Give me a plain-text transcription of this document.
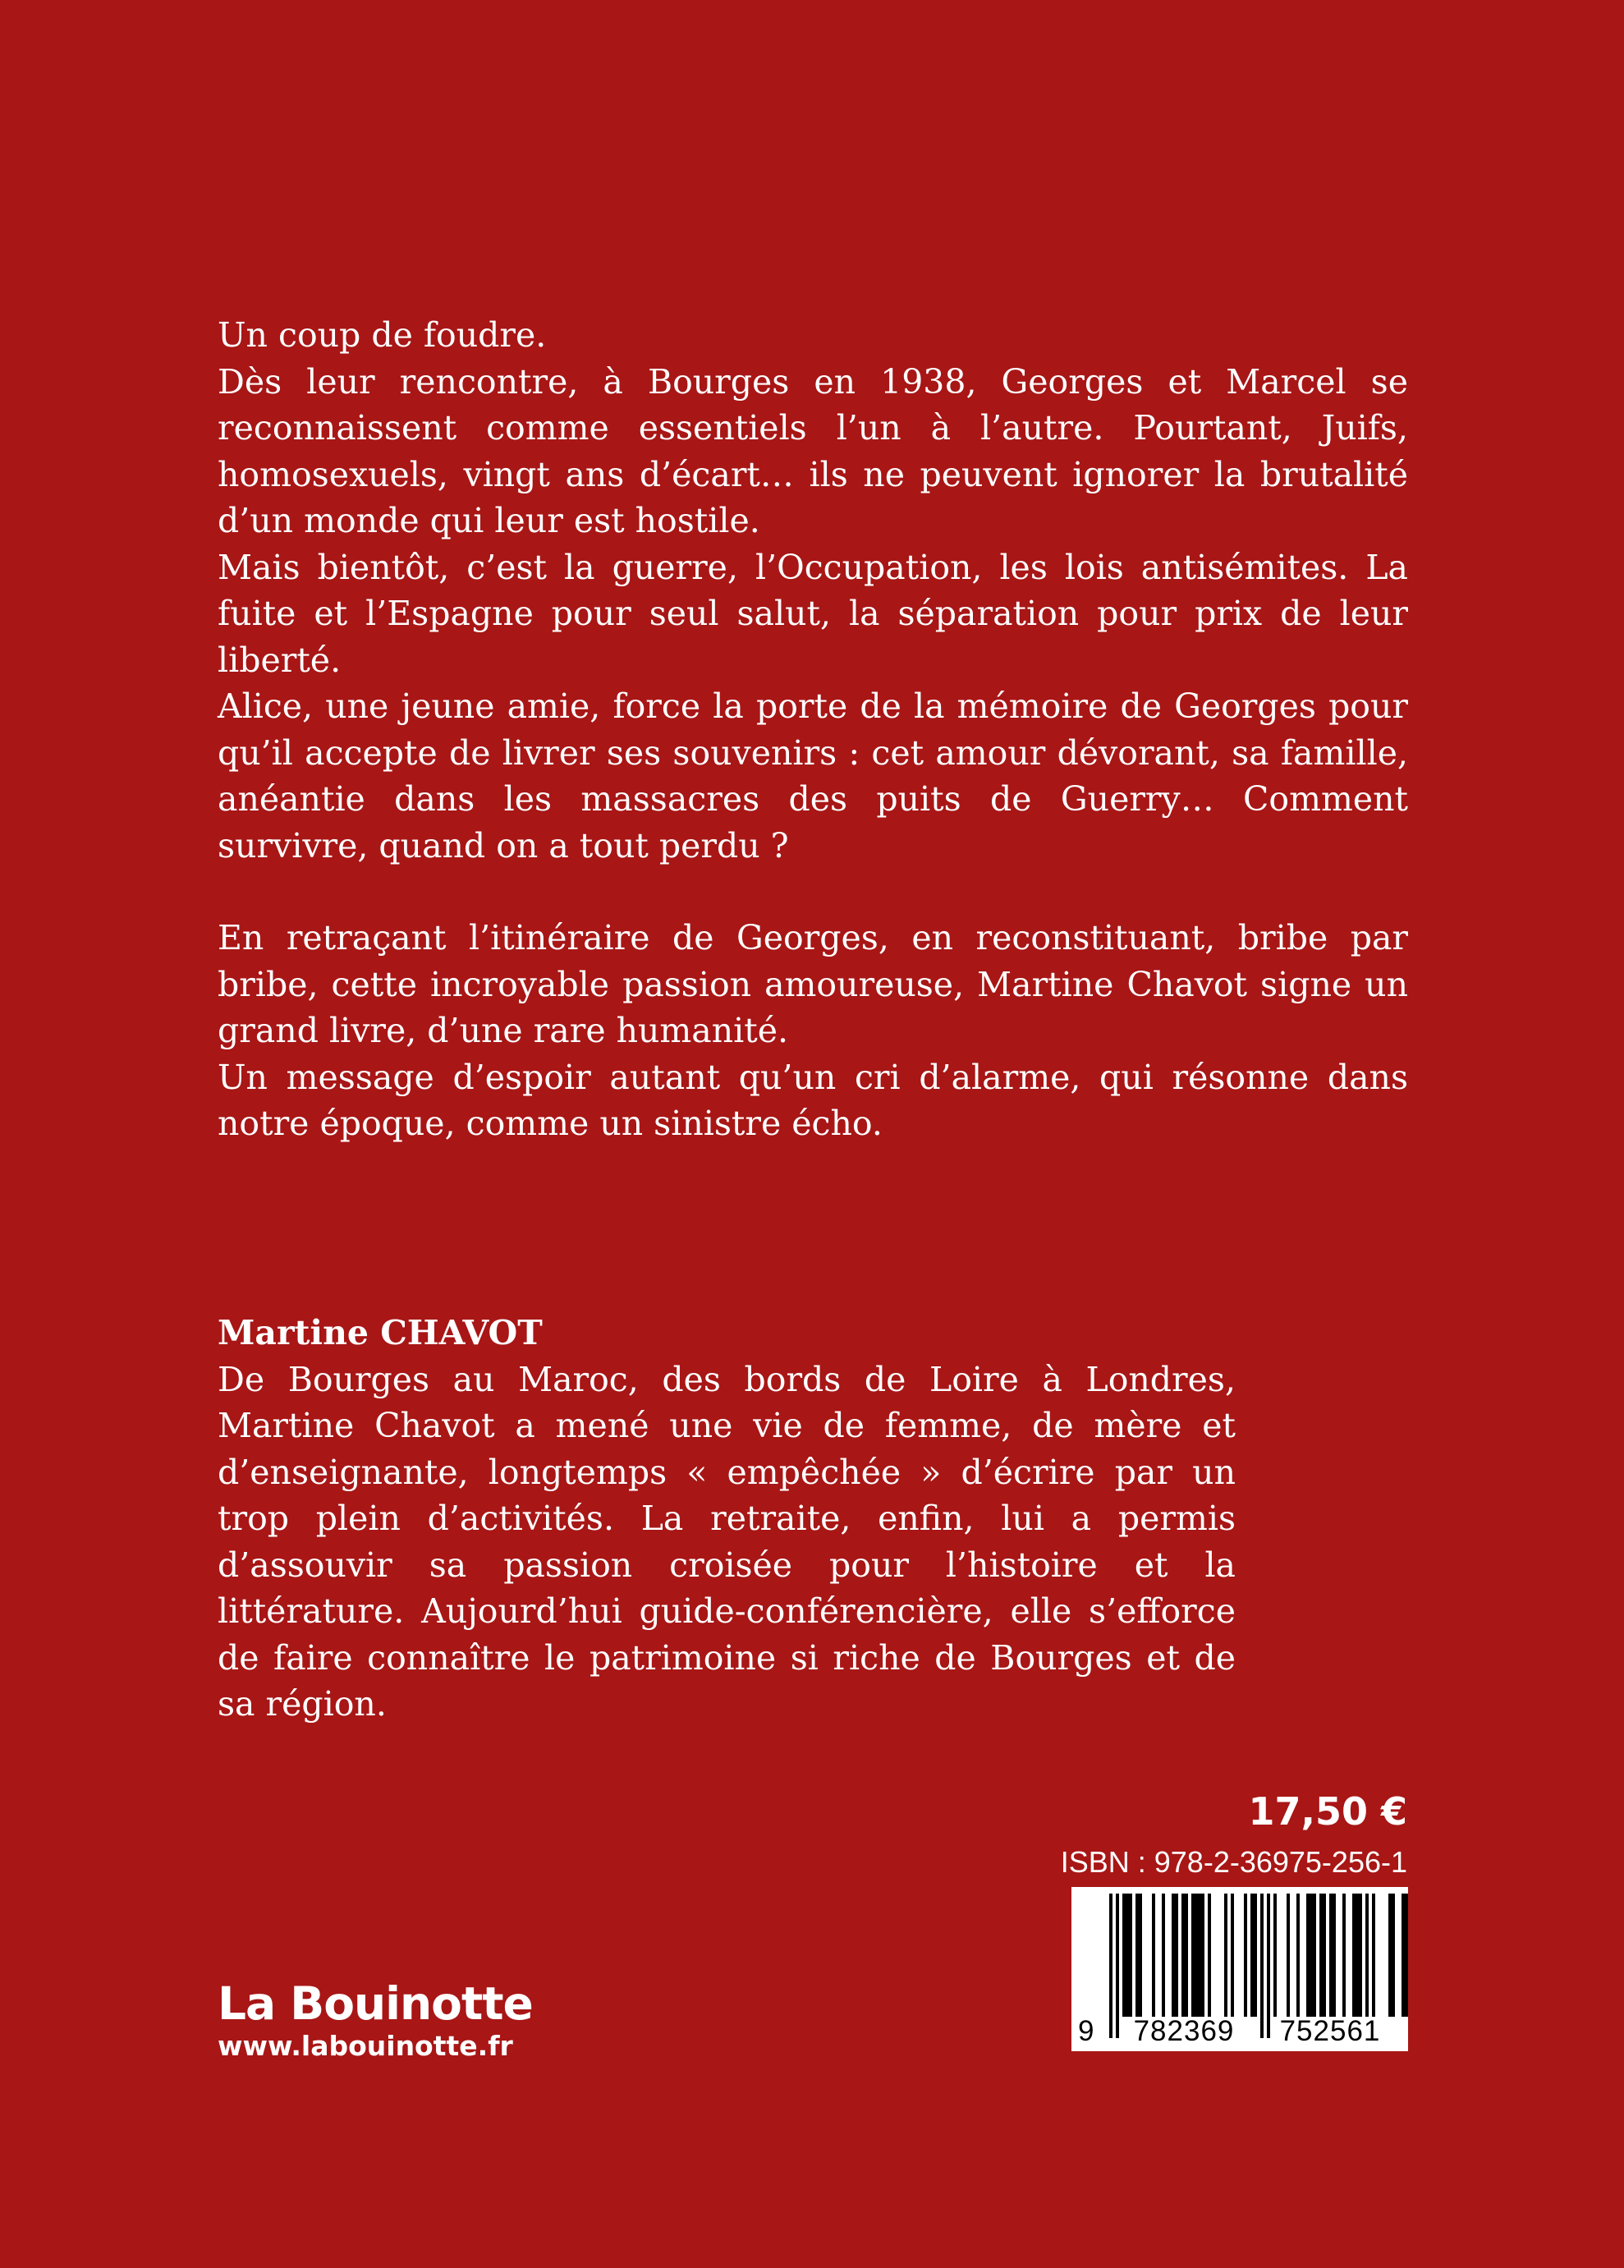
Un coup de foudre.

Dès leur rencontre, à Bourges en 1938, Georges et Marcel se reconnaissent comme essentiels l’un à l’autre. Pourtant, Juifs, homosexuels, vingt ans d’écart… ils ne peuvent ignorer la brutalité d’un monde qui leur est hostile.

Mais bientôt, c’est la guerre, l’Occupation, les lois antisémites. La fuite et l’Espagne pour seul salut, la séparation pour prix de leur liberté.

Alice, une jeune amie, force la porte de la mémoire de Georges pour qu’il accepte de livrer ses souvenirs : cet amour dévorant, sa famille, anéantie dans les massacres des puits de Guerry… Comment survivre, quand on a tout perdu ?

En retraçant l’itinéraire de Georges, en reconstituant, bribe par bribe, cette incroyable passion amoureuse, Martine Chavot signe un grand livre, d’une rare humanité.

Un message d’espoir autant qu’un cri d’alarme, qui résonne dans notre époque, comme un sinistre écho.

Martine CHAVOT

De Bourges au Maroc, des bords de Loire à Londres, Martine Chavot a mené une vie de femme, de mère et d’enseignante, longtemps « empêchée » d’écrire par un trop plein d’activités. La retraite, enfin, lui a permis d’assouvir sa passion croisée pour l’histoire et la littérature. Aujourd’hui guide-conférencière, elle s’efforce de faire connaître le patrimoine si riche de Bourges et de sa région.

17,50 €
ISBN : 978-2-36975-256-1
9	782369	752561
La Bouinotte
www.labouinotte.fr
